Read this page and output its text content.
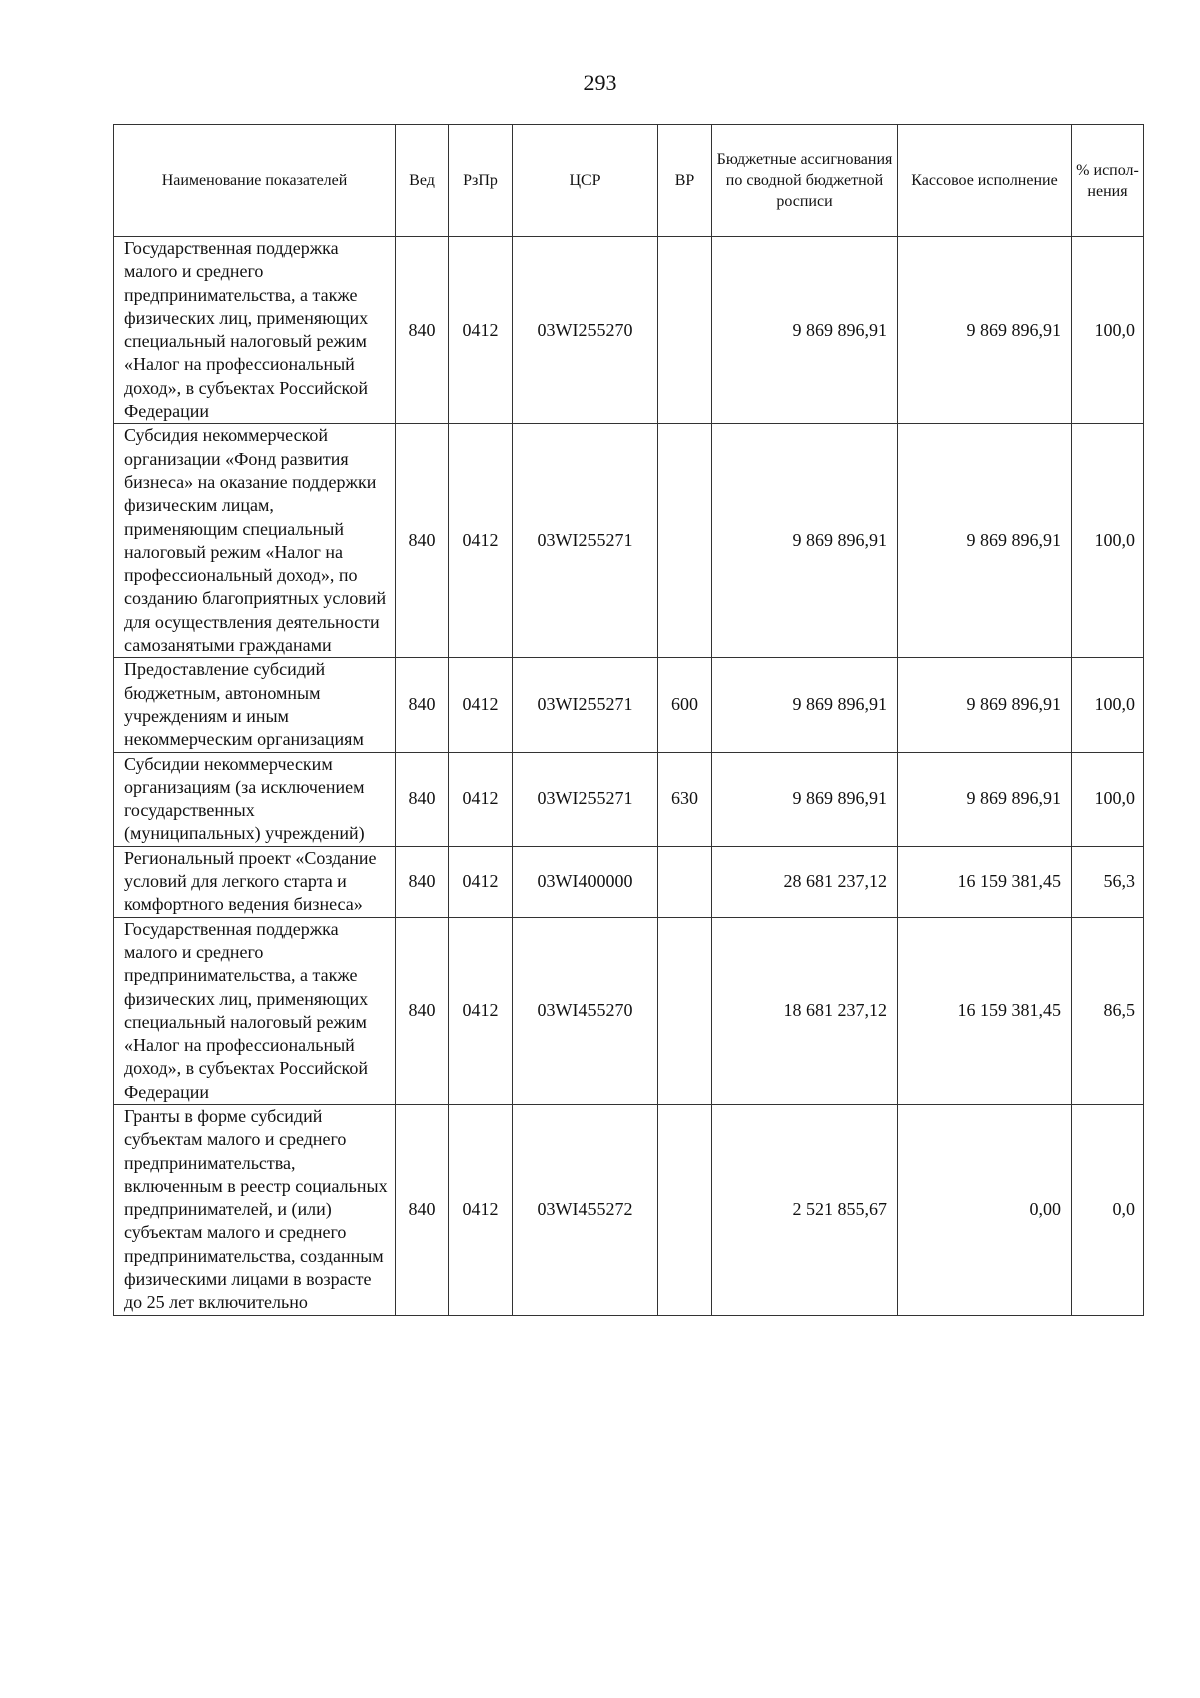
293
Наименование показателей	Вед	РзПр	ЦСР	ВР	Бюджетные ассигнования по сводной бюджетной росписи	Кассовое исполнение	% испол-нения
Государственная поддержка малого и среднего предпринимательства, а также физических лиц, применяющих специальный налоговый режим «Налог на профессиональный доход», в субъектах Российской Федерации	840	0412	03WI255270		9 869 896,91	9 869 896,91	100,0
Субсидия некоммерческой организации «Фонд развития бизнеса» на оказание поддержки физическим лицам, применяющим специальный налоговый режим «Налог на профессиональный доход», по созданию благоприятных условий для осуществления деятельности самозанятыми гражданами	840	0412	03WI255271		9 869 896,91	9 869 896,91	100,0
Предоставление субсидий бюджетным, автономным учреждениям и иным некоммерческим организациям	840	0412	03WI255271	600	9 869 896,91	9 869 896,91	100,0
Субсидии некоммерческим организациям (за исключением государственных (муниципальных) учреждений)	840	0412	03WI255271	630	9 869 896,91	9 869 896,91	100,0
Региональный проект «Создание условий для легкого старта и комфортного ведения бизнеса»	840	0412	03WI400000		28 681 237,12	16 159 381,45	56,3
Государственная поддержка малого и среднего предпринимательства, а также физических лиц, применяющих специальный налоговый режим «Налог на профессиональный доход», в субъектах Российской Федерации	840	0412	03WI455270		18 681 237,12	16 159 381,45	86,5
Гранты в форме субсидий субъектам малого и среднего предпринимательства, включенным в реестр социальных предпринимателей, и (или) субъектам малого и среднего предпринимательства, созданным физическими лицами в возрасте до 25 лет включительно	840	0412	03WI455272		2 521 855,67	0,00	0,0
